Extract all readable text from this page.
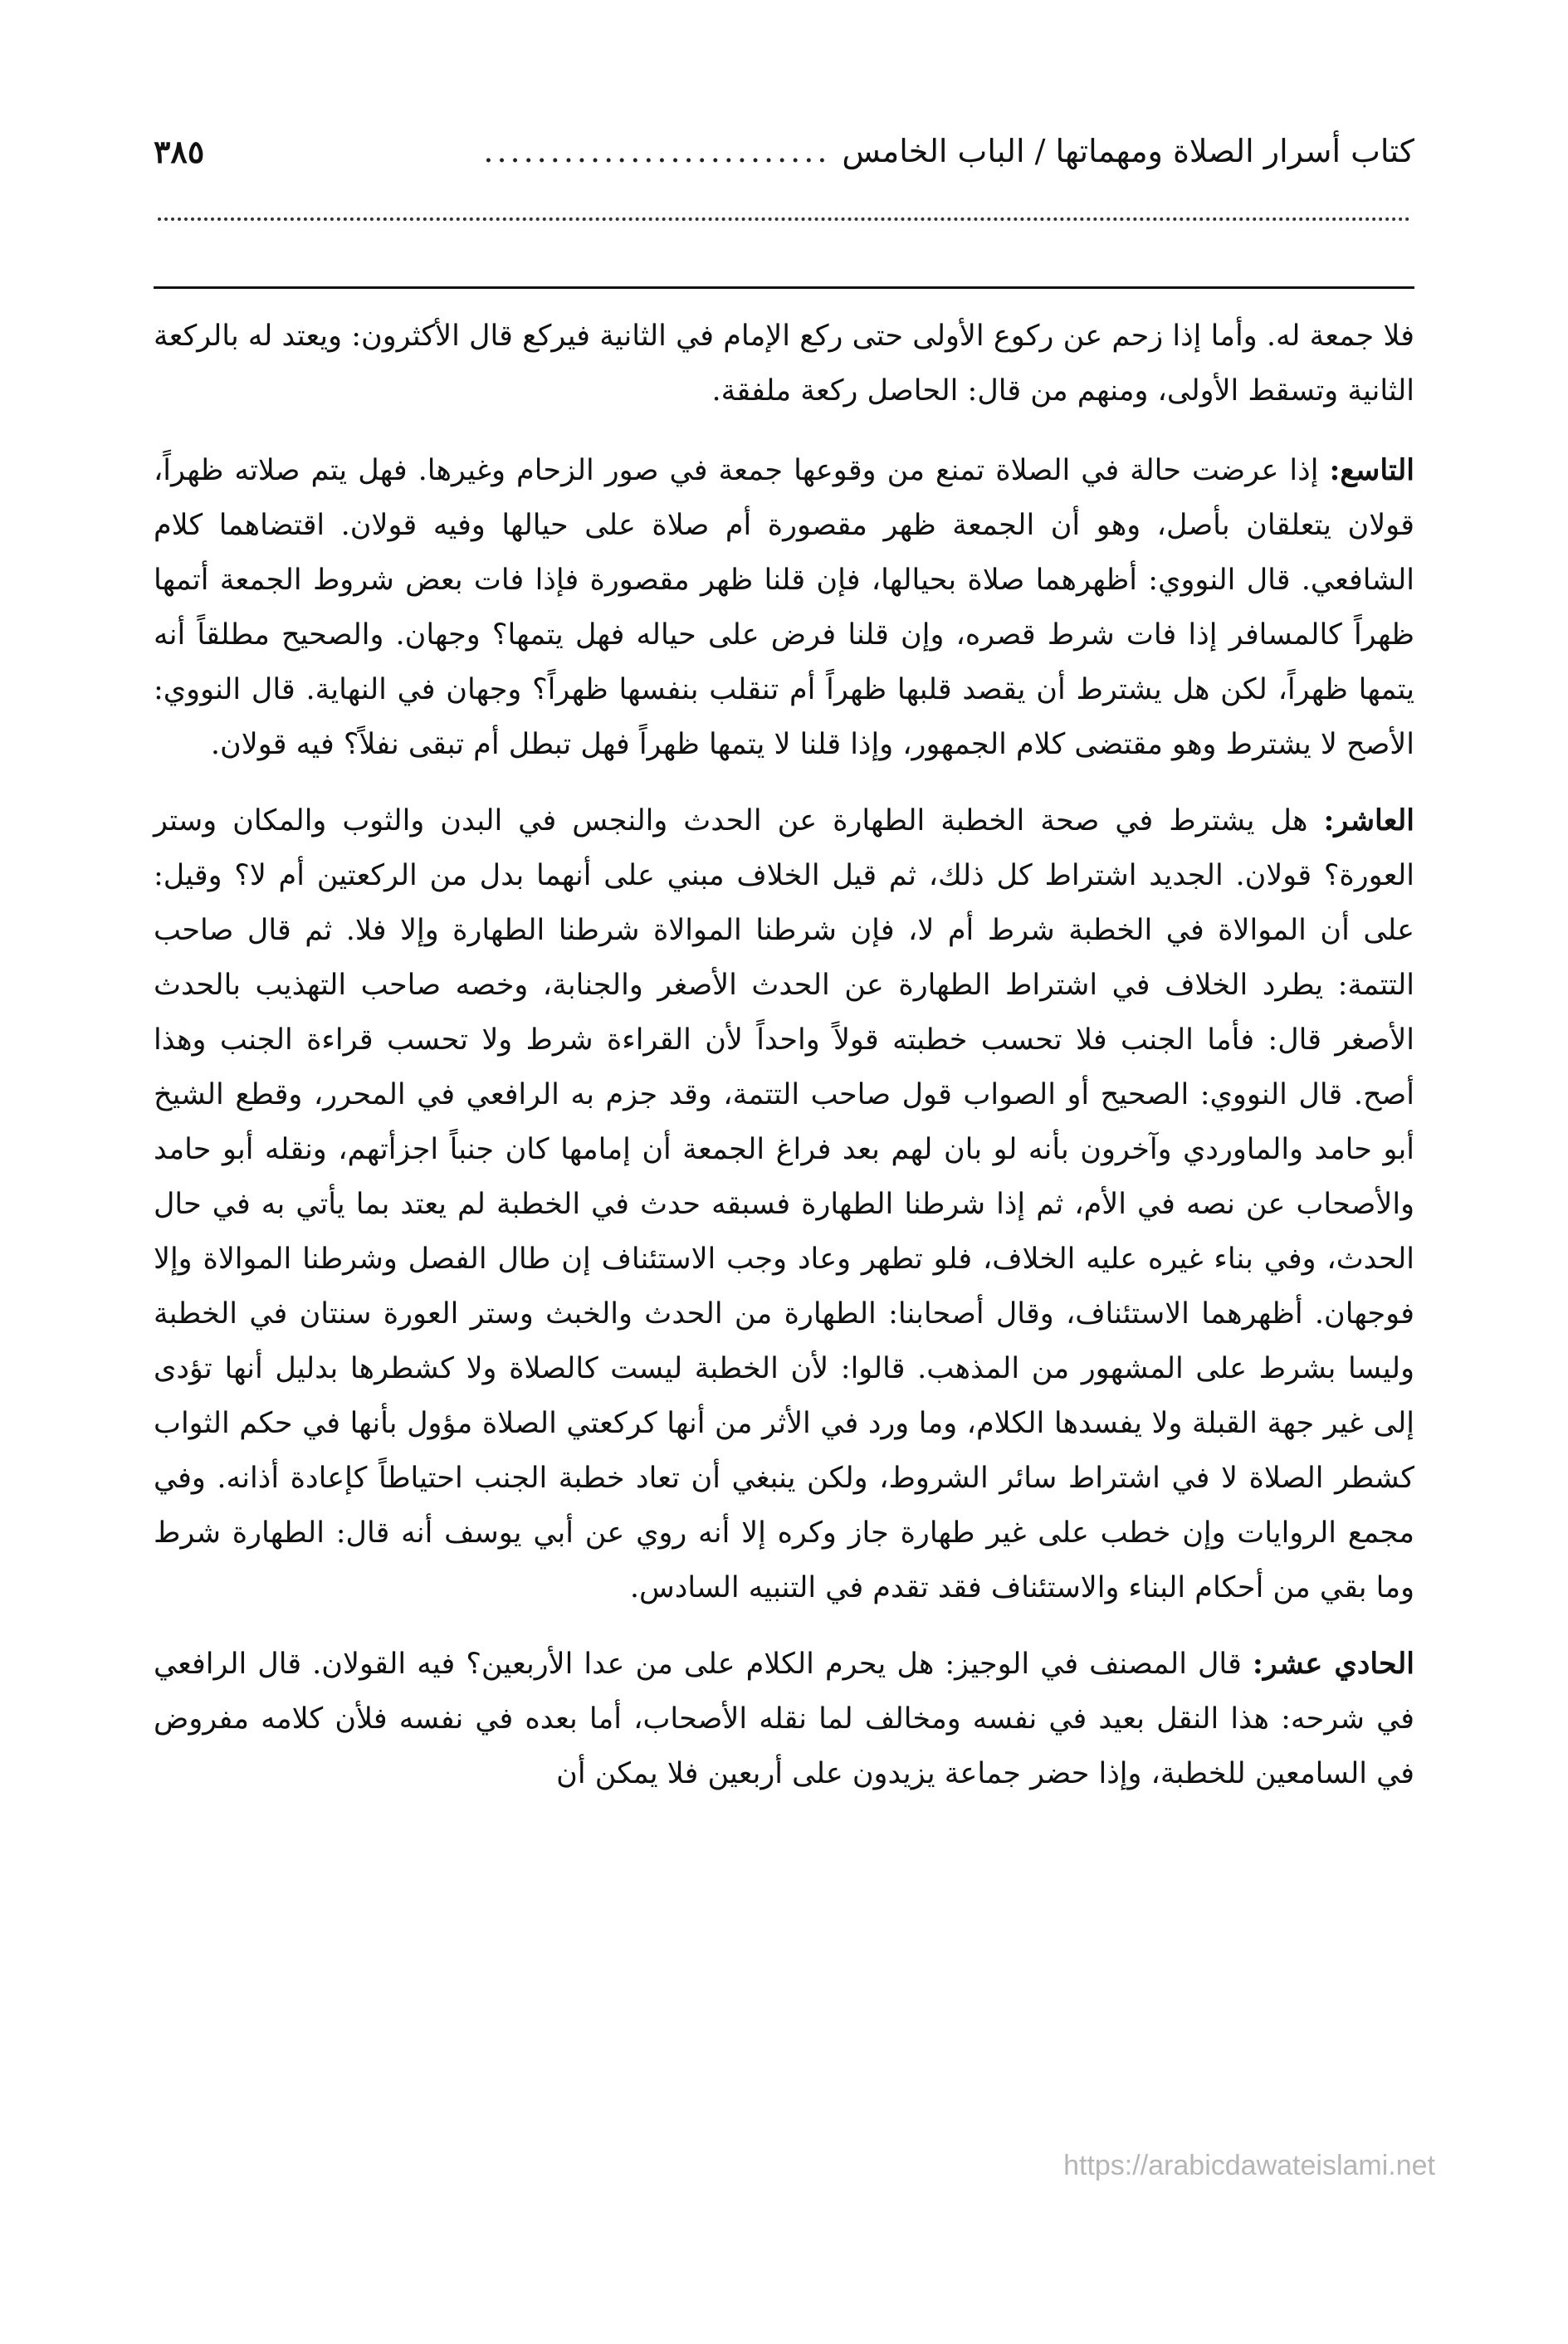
كتاب أسرار الصلاة ومهماتها / الباب الخامس
..........................
٣٨٥

فلا جمعة له. وأما إذا زحم عن ركوع الأولى حتى ركع الإمام في الثانية فيركع قال الأكثرون: ويعتد له بالركعة الثانية وتسقط الأولى، ومنهم من قال: الحاصل ركعة ملفقة.

التاسع: إذا عرضت حالة في الصلاة تمنع من وقوعها جمعة في صور الزحام وغيرها. فهل يتم صلاته ظهراً، قولان يتعلقان بأصل، وهو أن الجمعة ظهر مقصورة أم صلاة على حيالها وفيه قولان. اقتضاهما كلام الشافعي. قال النووي: أظهرهما صلاة بحيالها، فإن قلنا ظهر مقصورة فإذا فات بعض شروط الجمعة أتمها ظهراً كالمسافر إذا فات شرط قصره، وإن قلنا فرض على حياله فهل يتمها؟ وجهان. والصحيح مطلقاً أنه يتمها ظهراً، لكن هل يشترط أن يقصد قلبها ظهراً أم تنقلب بنفسها ظهراً؟ وجهان في النهاية. قال النووي: الأصح لا يشترط وهو مقتضى كلام الجمهور، وإذا قلنا لا يتمها ظهراً فهل تبطل أم تبقى نفلاً؟ فيه قولان.

العاشر: هل يشترط في صحة الخطبة الطهارة عن الحدث والنجس في البدن والثوب والمكان وستر العورة؟ قولان. الجديد اشتراط كل ذلك، ثم قيل الخلاف مبني على أنهما بدل من الركعتين أم لا؟ وقيل: على أن الموالاة في الخطبة شرط أم لا، فإن شرطنا الموالاة شرطنا الطهارة وإلا فلا. ثم قال صاحب التتمة: يطرد الخلاف في اشتراط الطهارة عن الحدث الأصغر والجنابة، وخصه صاحب التهذيب بالحدث الأصغر قال: فأما الجنب فلا تحسب خطبته قولاً واحداً لأن القراءة شرط ولا تحسب قراءة الجنب وهذا أصح. قال النووي: الصحيح أو الصواب قول صاحب التتمة، وقد جزم به الرافعي في المحرر، وقطع الشيخ أبو حامد والماوردي وآخرون بأنه لو بان لهم بعد فراغ الجمعة أن إمامها كان جنباً اجزأتهم، ونقله أبو حامد والأصحاب عن نصه في الأم، ثم إذا شرطنا الطهارة فسبقه حدث في الخطبة لم يعتد بما يأتي به في حال الحدث، وفي بناء غيره عليه الخلاف، فلو تطهر وعاد وجب الاستئناف إن طال الفصل وشرطنا الموالاة وإلا فوجهان. أظهرهما الاستئناف، وقال أصحابنا: الطهارة من الحدث والخبث وستر العورة سنتان في الخطبة وليسا بشرط على المشهور من المذهب. قالوا: لأن الخطبة ليست كالصلاة ولا كشطرها بدليل أنها تؤدى إلى غير جهة القبلة ولا يفسدها الكلام، وما ورد في الأثر من أنها كركعتي الصلاة مؤول بأنها في حكم الثواب كشطر الصلاة لا في اشتراط سائر الشروط، ولكن ينبغي أن تعاد خطبة الجنب احتياطاً كإعادة أذانه. وفي مجمع الروايات وإن خطب على غير طهارة جاز وكره إلا أنه روي عن أبي يوسف أنه قال: الطهارة شرط وما بقي من أحكام البناء والاستئناف فقد تقدم في التنبيه السادس.

الحادي عشر: قال المصنف في الوجيز: هل يحرم الكلام على من عدا الأربعين؟ فيه القولان. قال الرافعي في شرحه: هذا النقل بعيد في نفسه ومخالف لما نقله الأصحاب، أما بعده في نفسه فلأن كلامه مفروض في السامعين للخطبة، وإذا حضر جماعة يزيدون على أربعين فلا يمكن أن

https://arabicdawateislami.net
